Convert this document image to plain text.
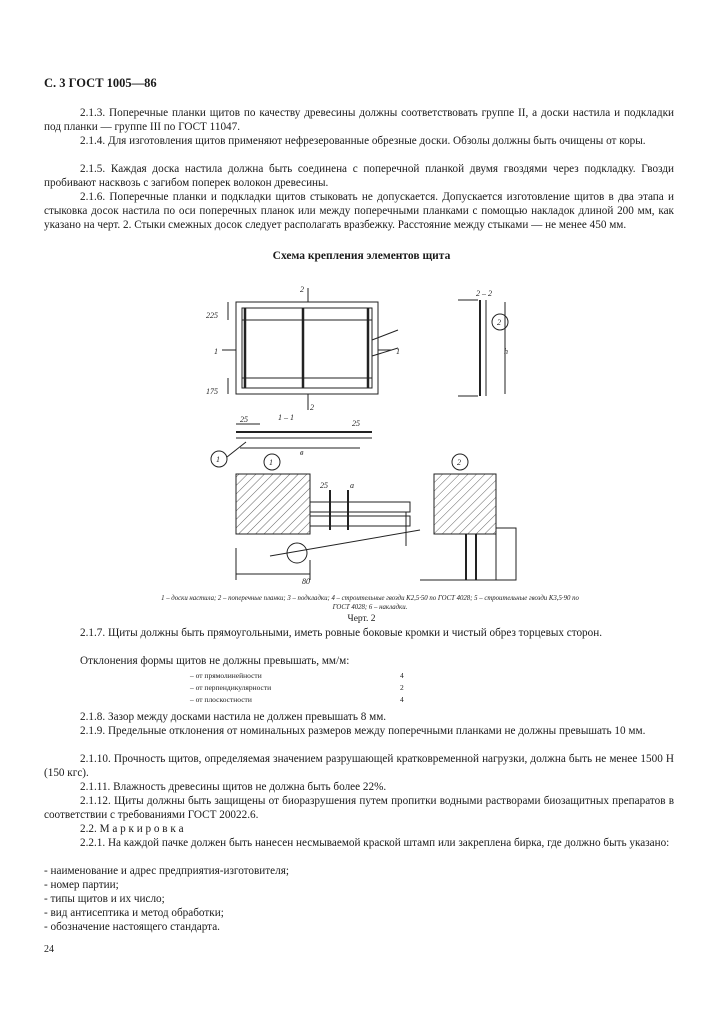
С. 3 ГОСТ 1005—86
2.1.3. Поперечные планки щитов по качеству древесины должны соответствовать группе II, а доски настила и подкладки под планки — группе III по ГОСТ 11047.
2.1.4. Для изготовления щитов применяют нефрезерованные обрезные доски. Обзолы должны быть очищены от коры.
2.1.5. Каждая доска настила должна быть соединена с поперечной планкой двумя гвоздями через подкладку. Гвозди пробивают насквозь с загибом поперек волокон древесины.
2.1.6. Поперечные планки и подкладки щитов стыковать не допускается. Допускается изготовление щитов в два этапа и стыковка досок настила по оси поперечных планок или между поперечными планками с помощью накладок длиной 200 мм, как указано на черт. 2. Стыки смежных досок следует располагать вразбежку. Расстояние между стыками — не менее 450 мм.
Схема крепления элементов щита
2
2
1	1
225
175
2 – 2
h
2
1 – 1
25	25
в
1	1	2
25	a
80
1 – доски настила; 2 – поперечные планки; 3 – подкладки; 4 – строительные гвозди К2,5·50 по ГОСТ 4028; 5 – строительные гвозди К3,5·90 по ГОСТ 4028; 6 – накладки.
Черт. 2
2.1.7. Щиты должны быть прямоугольными, иметь ровные боковые кромки и чистый обрез торцевых сторон.
Отклонения формы щитов не должны превышать, мм/м:
– от прямолинейности	4
– от перпендикулярности	2
– от плоскостности	4
2.1.8. Зазор между досками настила не должен превышать 8 мм.
2.1.9. Предельные отклонения от номинальных размеров между поперечными планками не должны превышать 10 мм.
2.1.10. Прочность щитов, определяемая значением разрушающей кратковременной нагрузки, должна быть не менее 1500 Н (150 кгс).
2.1.11. Влажность древесины щитов не должна быть более 22%.
2.1.12. Щиты должны быть защищены от биоразрушения путем пропитки водными растворами биозащитных препаратов в соответствии с требованиями ГОСТ 20022.6.
2.2. М а р к и р о в к а
2.2.1. На каждой пачке должен быть нанесен несмываемой краской штамп или закреплена бирка, где должно быть указано:
- наименование и адрес предприятия-изготовителя;
- номер партии;
- типы щитов и их число;
- вид антисептика и метод обработки;
- обозначение настоящего стандарта.
24
